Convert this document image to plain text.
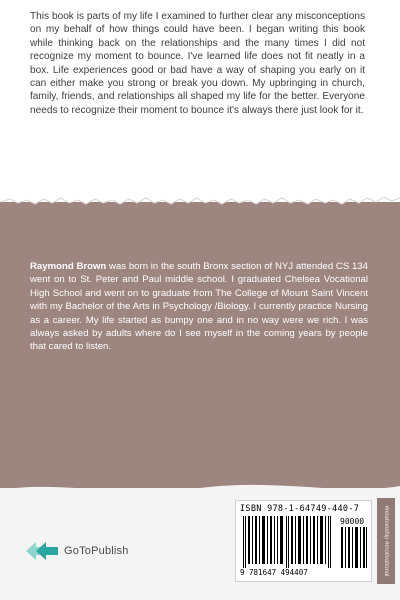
This book is parts of my life I examined to further clear any misconceptions on my behalf of how things could have been. I began writing this book while thinking back on the relationships and the many times I did not recognize my moment to bounce. I've learned life does not fit neatly in a box. Life experiences good or bad have a way of shaping you early on it can either make you strong or break you down. My upbringing in church, family, friends, and relationships all shaped my life for the better. Everyone needs to recognize their moment to bounce it's always there just look for it.

Raymond Brown was born in the south Bronx section of NYJ attended CS 134 went on to St. Peter and Paul middle school. I graduated Chelsea Vocational High School and went on to graduate from The College of Mount Saint Vincent with my Bachelor of the Arts in Psychology /Biology. I currently practice Nursing as a career. My life started as bumpy one and in no way were we rich. I was always asked by adults where do I see myself in the coming years by people that cared to listen.

GoToPublish
ISBN 978-1-64749-440-7
90000
9 781647 494407	#relationship #motivational
